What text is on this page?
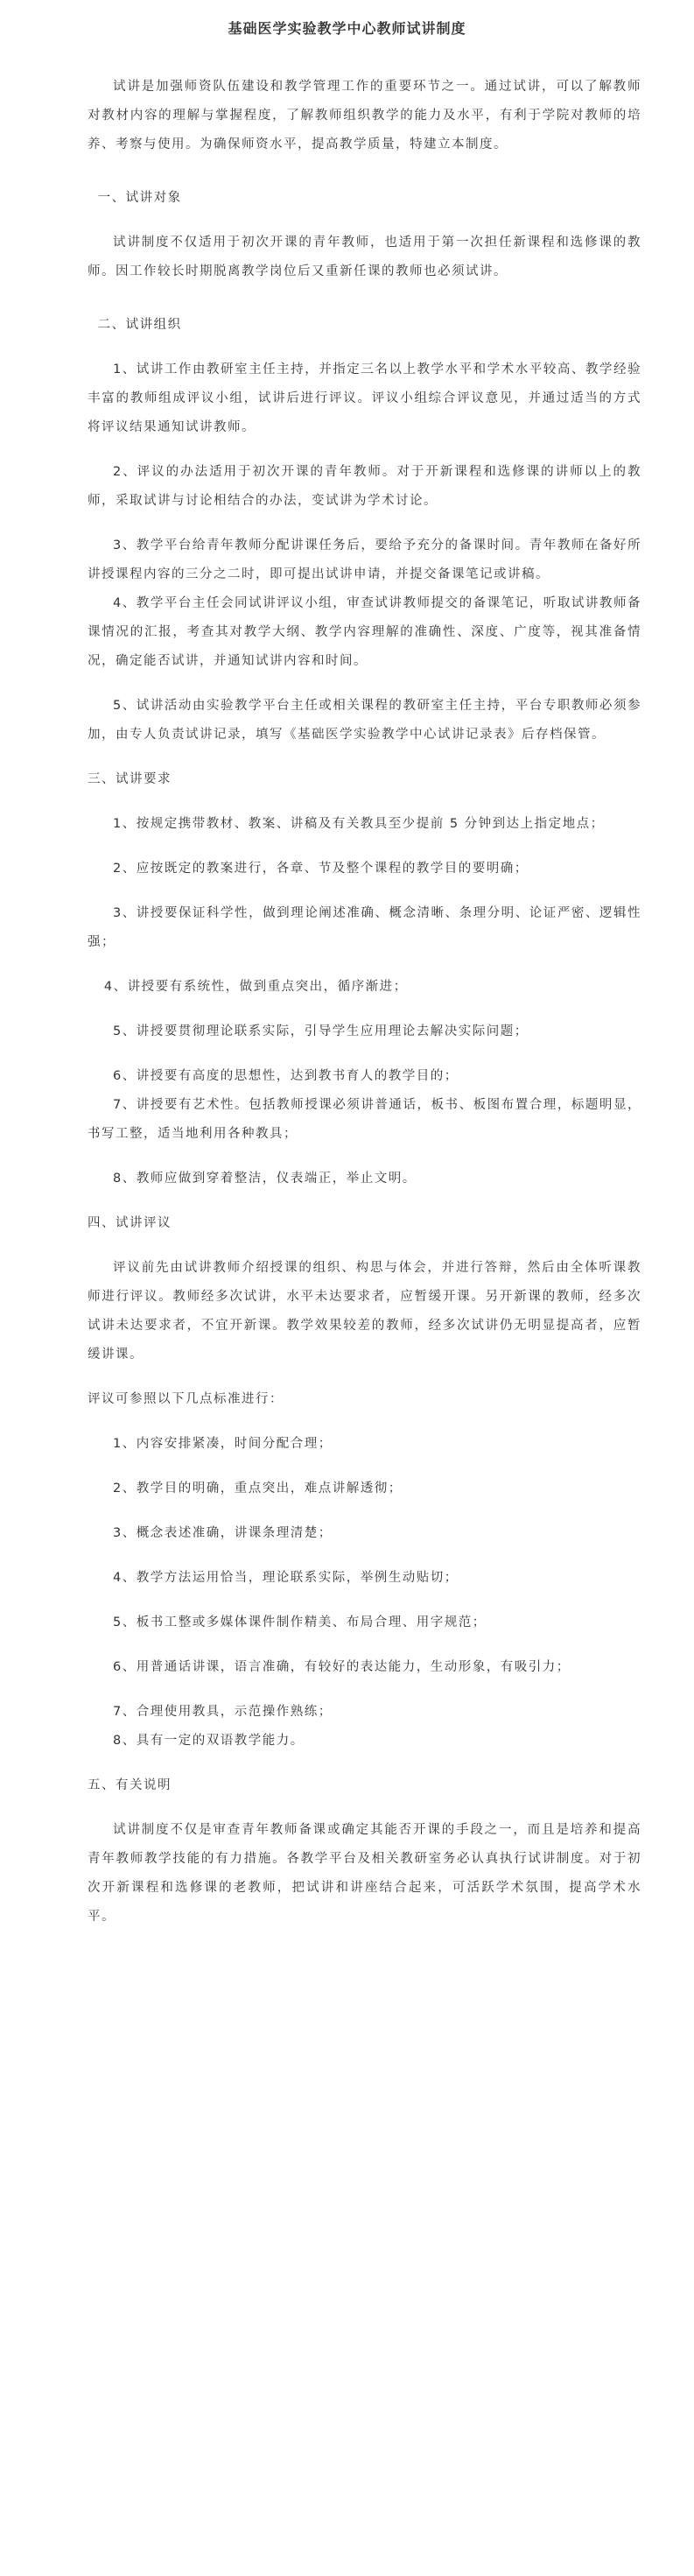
基础医学实验教学中心教师试讲制度

试讲是加强师资队伍建设和教学管理工作的重要环节之一。通过试讲，可以了解教师对教材内容的理解与掌握程度，了解教师组织教学的能力及水平，有利于学院对教师的培养、考察与使用。为确保师资水平，提高教学质量，特建立本制度。

一、试讲对象

试讲制度不仅适用于初次开课的青年教师，也适用于第一次担任新课程和选修课的教师。因工作较长时期脱离教学岗位后又重新任课的教师也必须试讲。

二、试讲组织

1、试讲工作由教研室主任主持，并指定三名以上教学水平和学术水平较高、教学经验丰富的教师组成评议小组，试讲后进行评议。评议小组综合评议意见，并通过适当的方式将评议结果通知试讲教师。

2、评议的办法适用于初次开课的青年教师。对于开新课程和选修课的讲师以上的教师，采取试讲与讨论相结合的办法，变试讲为学术讨论。

3、教学平台给青年教师分配讲课任务后，要给予充分的备课时间。青年教师在备好所讲授课程内容的三分之二时，即可提出试讲申请，并提交备课笔记或讲稿。

4、教学平台主任会同试讲评议小组，审查试讲教师提交的备课笔记，听取试讲教师备课情况的汇报，考查其对教学大纲、教学内容理解的准确性、深度、广度等，视其准备情况，确定能否试讲，并通知试讲内容和时间。

5、试讲活动由实验教学平台主任或相关课程的教研室主任主持，平台专职教师必须参加，由专人负责试讲记录，填写《基础医学实验教学中心试讲记录表》后存档保管。

三、试讲要求

1、按规定携带教材、教案、讲稿及有关教具至少提前 5 分钟到达上指定地点；

2、应按既定的教案进行，各章、节及整个课程的教学目的要明确；

3、讲授要保证科学性，做到理论阐述准确、概念清晰、条理分明、论证严密、逻辑性强；

4、讲授要有系统性，做到重点突出，循序渐进；

5、讲授要贯彻理论联系实际，引导学生应用理论去解决实际问题；

6、讲授要有高度的思想性，达到教书育人的教学目的；

7、讲授要有艺术性。包括教师授课必须讲普通话，板书、板图布置合理，标题明显，书写工整，适当地利用各种教具；

8、教师应做到穿着整洁，仪表端正，举止文明。

四、试讲评议

评议前先由试讲教师介绍授课的组织、构思与体会，并进行答辩，然后由全体听课教师进行评议。教师经多次试讲，水平未达要求者，应暂缓开课。另开新课的教师，经多次试讲未达要求者，不宜开新课。教学效果较差的教师，经多次试讲仍无明显提高者，应暂缓讲课。

评议可参照以下几点标准进行：

1、内容安排紧凑，时间分配合理；

2、教学目的明确，重点突出，难点讲解透彻；

3、概念表述准确，讲课条理清楚；

4、教学方法运用恰当，理论联系实际，举例生动贴切；

5、板书工整或多媒体课件制作精美、布局合理、用字规范；

6、用普通话讲课，语言准确，有较好的表达能力，生动形象，有吸引力；

7、合理使用教具，示范操作熟练；

8、具有一定的双语教学能力。

五、有关说明

试讲制度不仅是审查青年教师备课或确定其能否开课的手段之一，而且是培养和提高青年教师教学技能的有力措施。各教学平台及相关教研室务必认真执行试讲制度。对于初次开新课程和选修课的老教师，把试讲和讲座结合起来，可活跃学术氛围，提高学术水平。
